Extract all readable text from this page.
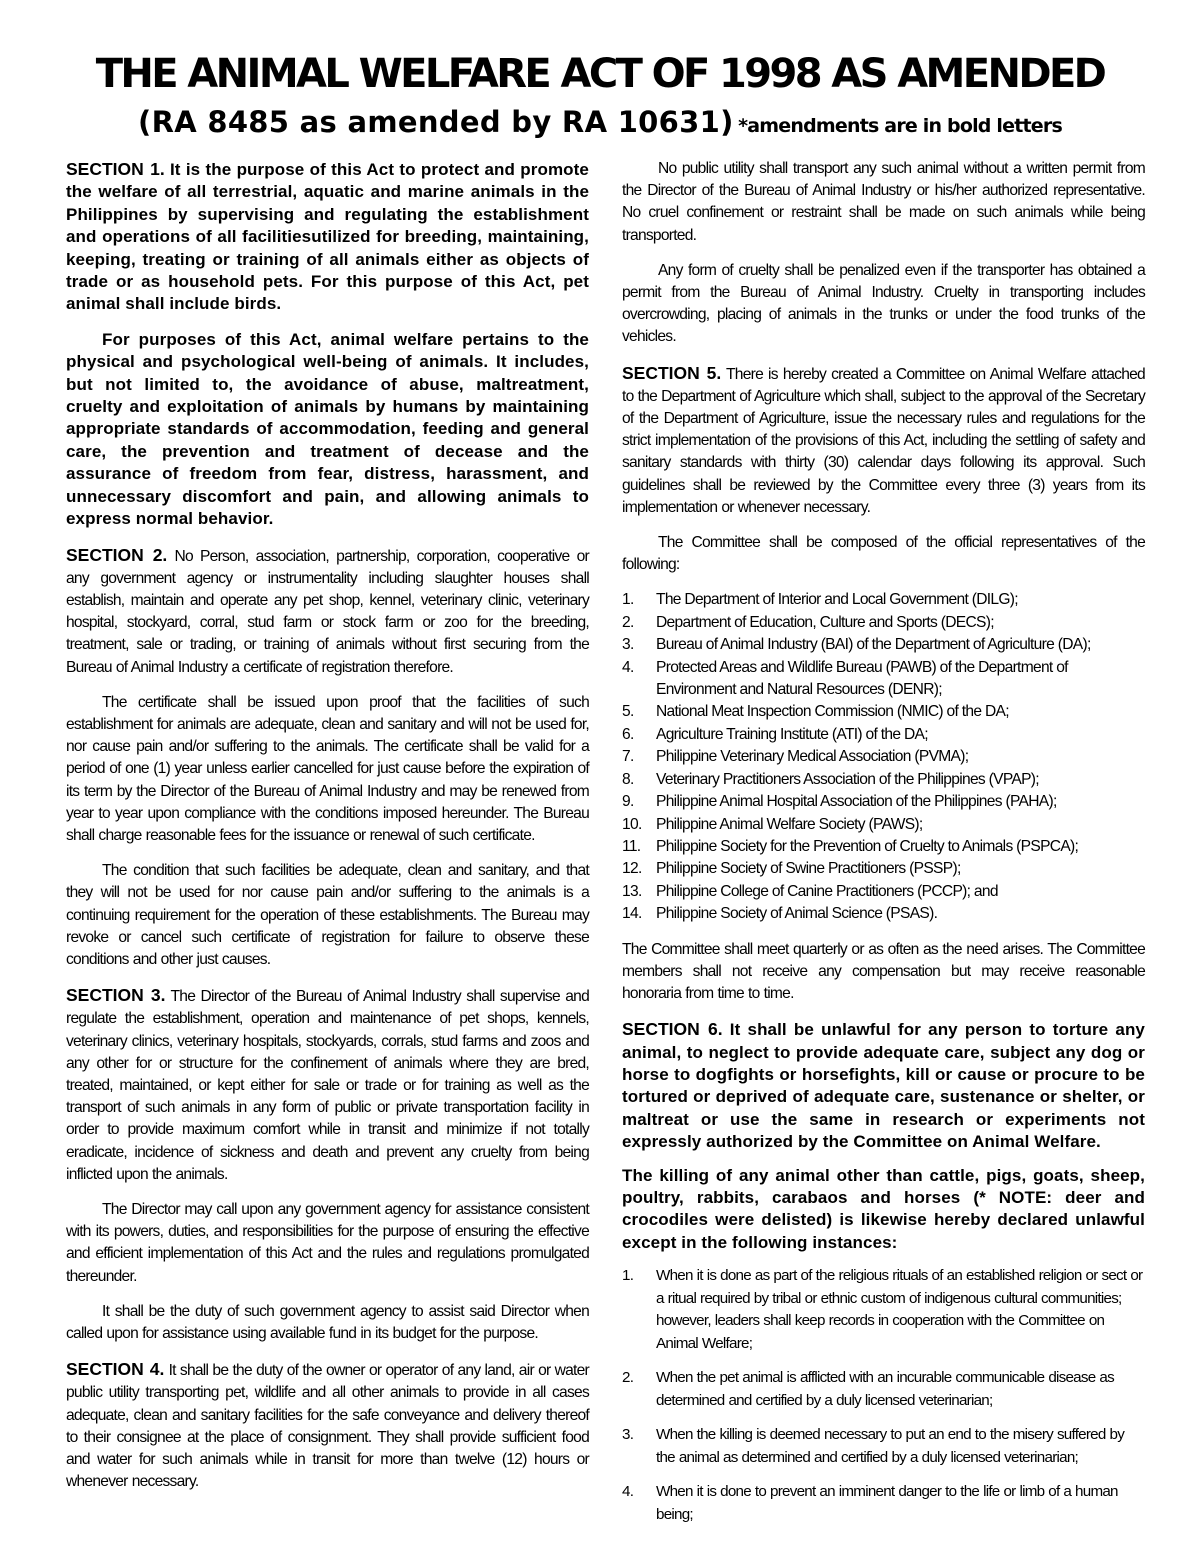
THE ANIMAL WELFARE ACT OF 1998 AS AMENDED
(RA 8485 as amended by RA 10631) *amendments are in bold letters

SECTION 1. It is the purpose of this Act to protect and promote the welfare of all terrestrial, aquatic and marine animals in the Philippines by supervising and regulating the establishment and operations of all facilitiesutilized for breeding, maintaining, keeping, treating or training of all animals either as objects of trade or as household pets. For this purpose of this Act, pet animal shall include birds.

For purposes of this Act, animal welfare pertains to the physical and psychological well-being of animals. It includes, but not limited to, the avoidance of abuse, maltreatment, cruelty and exploitation of animals by humans by maintaining appropriate standards of accommodation, feeding and general care, the prevention and treatment of decease and the assurance of freedom from fear, distress, harassment, and unnecessary discomfort and pain, and allowing animals to express normal behavior.

SECTION 2. No Person, association, partnership, corporation, cooperative or any government agency or instrumentality including slaughter houses shall establish, maintain and operate any pet shop, kennel, veterinary clinic, veterinary hospital, stockyard, corral, stud farm or stock farm or zoo for the breeding, treatment, sale or trading, or training of animals without first securing from the Bureau of Animal Industry a certificate of registration therefore.

The certificate shall be issued upon proof that the facilities of such establishment for animals are adequate, clean and sanitary and will not be used for, nor cause pain and/or suffering to the animals. The certificate shall be valid for a period of one (1) year unless earlier cancelled for just cause before the expiration of its term by the Director of the Bureau of Animal Industry and may be renewed from year to year upon compliance with the conditions imposed hereunder. The Bureau shall charge reasonable fees for the issuance or renewal of such certificate.

The condition that such facilities be adequate, clean and sanitary, and that they will not be used for nor cause pain and/or suffering to the animals is a continuing requirement for the operation of these establishments. The Bureau may revoke or cancel such certificate of registration for failure to observe these conditions and other just causes.

SECTION 3. The Director of the Bureau of Animal Industry shall supervise and regulate the establishment, operation and maintenance of pet shops, kennels, veterinary clinics, veterinary hospitals, stockyards, corrals, stud farms and zoos and any other for or structure for the confinement of animals where they are bred, treated, maintained, or kept either for sale or trade or for training as well as the transport of such animals in any form of public or private transportation facility in order to provide maximum comfort while in transit and minimize if not totally eradicate, incidence of sickness and death and prevent any cruelty from being inflicted upon the animals.

The Director may call upon any government agency for assistance consistent with its powers, duties, and responsibilities for the purpose of ensuring the effective and efficient implementation of this Act and the rules and regulations promulgated thereunder.

It shall be the duty of such government agency to assist said Director when called upon for assistance using available fund in its budget for the purpose.

SECTION 4. It shall be the duty of the owner or operator of any land, air or water public utility transporting pet, wildlife and all other animals to provide in all cases adequate, clean and sanitary facilities for the safe conveyance and delivery thereof to their consignee at the place of consignment. They shall provide sufficient food and water for such animals while in transit for more than twelve (12) hours or whenever necessary.

No public utility shall transport any such animal without a written permit from the Director of the Bureau of Animal Industry or his/her authorized representative. No cruel confinement or restraint shall be made on such animals while being transported.

Any form of cruelty shall be penalized even if the transporter has obtained a permit from the Bureau of Animal Industry. Cruelty in transporting includes overcrowding, placing of animals in the trunks or under the food trunks of the vehicles.

SECTION 5. There is hereby created a Committee on Animal Welfare attached to the Department of Agriculture which shall, subject to the approval of the Secretary of the Department of Agriculture, issue the necessary rules and regulations for the strict implementation of the provisions of this Act, including the settling of safety and sanitary standards with thirty (30) calendar days following its approval. Such guidelines shall be reviewed by the Committee every three (3) years from its implementation or whenever necessary.

The Committee shall be composed of the official representatives of the following:

1. The Department of Interior and Local Government (DILG);
2. Department of Education, Culture and Sports (DECS);
3. Bureau of Animal Industry (BAI) of the Department of Agriculture (DA);
4. Protected Areas and Wildlife Bureau (PAWB) of the Department of Environment and Natural Resources (DENR);
5. National Meat Inspection Commission (NMIC) of the DA;
6. Agriculture Training Institute (ATI) of the DA;
7. Philippine Veterinary Medical Association (PVMA);
8. Veterinary Practitioners Association of the Philippines (VPAP);
9. Philippine Animal Hospital Association of the Philippines (PAHA);
10. Philippine Animal Welfare Society (PAWS);
11. Philippine Society for the Prevention of Cruelty to Animals (PSPCA);
12. Philippine Society of Swine Practitioners (PSSP);
13. Philippine College of Canine Practitioners (PCCP); and
14. Philippine Society of Animal Science (PSAS).

The Committee shall meet quarterly or as often as the need arises. The Committee members shall not receive any compensation but may receive reasonable honoraria from time to time.

SECTION 6. It shall be unlawful for any person to torture any animal, to neglect to provide adequate care, subject any dog or horse to dogfights or horsefights, kill or cause or procure to be tortured or deprived of adequate care, sustenance or shelter, or maltreat or use the same in research or experiments not expressly authorized by the Committee on Animal Welfare.

The killing of any animal other than cattle, pigs, goats, sheep, poultry, rabbits, carabaos and horses (* NOTE: deer and crocodiles were delisted) is likewise hereby declared unlawful except in the following instances:

1. When it is done as part of the religious rituals of an established religion or sect or a ritual required by tribal or ethnic custom of indigenous cultural communities; however, leaders shall keep records in cooperation with the Committee on Animal Welfare;
2. When the pet animal is afflicted with an incurable communicable disease as determined and certified by a duly licensed veterinarian;
3. When the killing is deemed necessary to put an end to the misery suffered by the animal as determined and certified by a duly licensed veterinarian;
4. When it is done to prevent an imminent danger to the life or limb of a human being;
